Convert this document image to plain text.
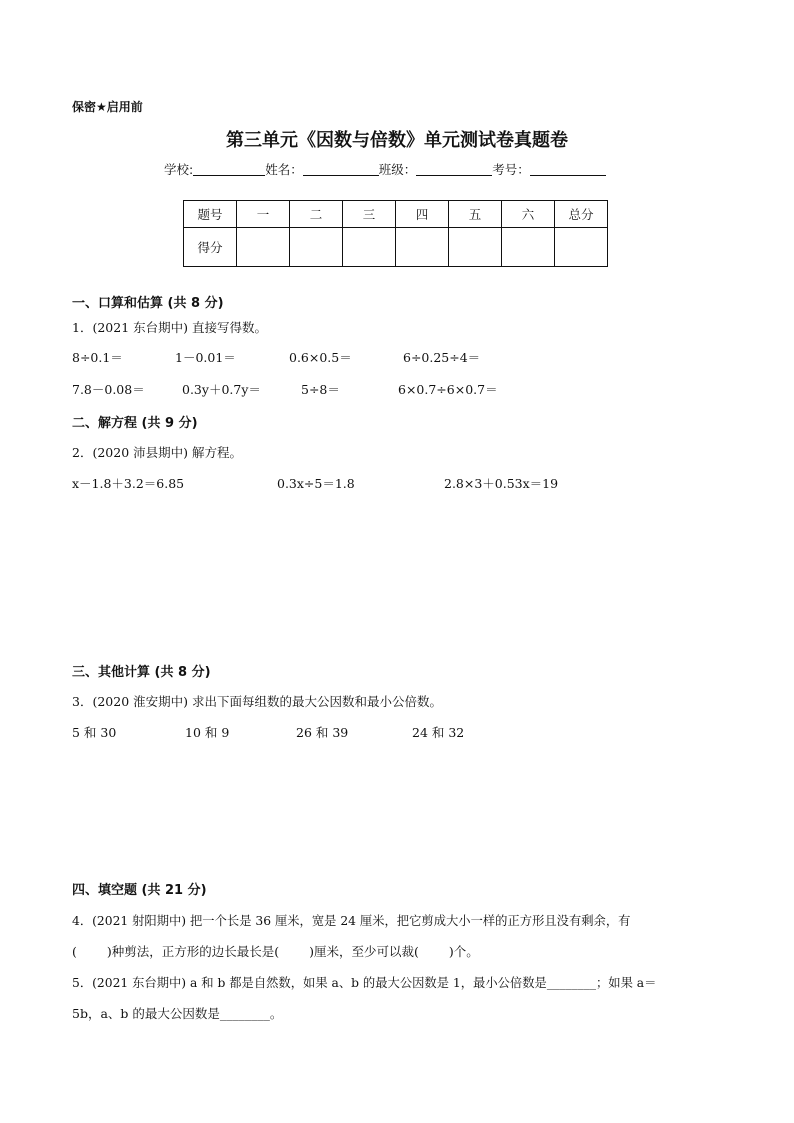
保密★启用前
第三单元《因数与倍数》单元测试卷真题卷
学校:	姓名：	班级：	考号：
题号	一	二	三	四	五	六	总分
得分							
一、口算和估算 (共 8 分)
1．(2021 东台期中) 直接写得数。
8÷0.1＝	1－0.01＝	0.6×0.5＝	6÷0.25÷4＝
7.8－0.08＝	0.3y＋0.7y＝	5÷8＝	6×0.7÷6×0.7＝
二、解方程 (共 9 分)
2．(2020 沛县期中) 解方程。
x－1.8＋3.2＝6.85	0.3x÷5＝1.8	2.8×3＋0.53x＝19
三、其他计算 (共 8 分)
3．(2020 淮安期中) 求出下面每组数的最大公因数和最小公倍数。
5 和 30	10 和 9	26 和 39	24 和 32
四、填空题 (共 21 分)
4．(2021 射阳期中) 把一个长是 36 厘米，宽是 24 厘米，把它剪成大小一样的正方形且没有剩余，有
( )种剪法，正方形的边长最长是( )厘米，至少可以裁( )个。
5．(2021 东台期中) a 和 b 都是自然数，如果 a、b 的最大公因数是 1，最小公倍数是________；如果 a＝
5b，a、b 的最大公因数是________。
